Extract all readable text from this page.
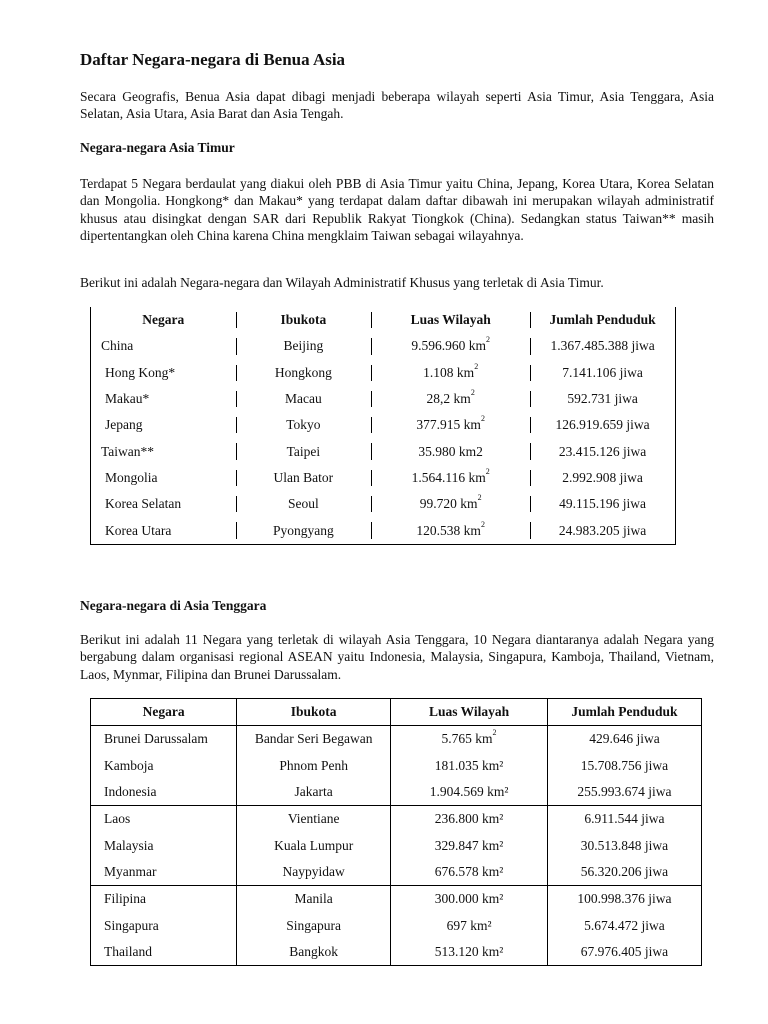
Daftar Negara-negara di Benua Asia

Secara Geografis, Benua Asia dapat dibagi menjadi beberapa wilayah seperti Asia Timur, Asia Tenggara, Asia Selatan, Asia Utara, Asia Barat dan Asia Tengah.

Negara-negara Asia Timur

Terdapat 5 Negara berdaulat yang diakui oleh PBB di Asia Timur yaitu China, Jepang, Korea Utara, Korea Selatan dan Mongolia. Hongkong* dan Makau* yang terdapat dalam daftar dibawah ini merupakan wilayah administratif khusus atau disingkat dengan SAR dari Republik Rakyat Tiongkok (China). Sedangkan status Taiwan** masih dipertentangkan oleh China karena China mengklaim Taiwan sebagai wilayahnya.

Berikut ini adalah Negara-negara dan Wilayah Administratif Khusus yang terletak di Asia Timur.

Negara	Ibukota	Luas Wilayah	Jumlah Penduduk
China	Beijing	9.596.960 $km^2$	1.367.485.388 jiwa
Hong Kong*	Hongkong	1.108 $km^2$	7.141.106 jiwa
Makau*	Macau	28,2 $km^2$	592.731 jiwa
Jepang	Tokyo	377.915 $km^2$	126.919.659 jiwa
Taiwan**	Taipei	35.980 km2	23.415.126 jiwa
Mongolia	Ulan Bator	1.564.116 $km^2$	2.992.908 jiwa
Korea Selatan	Seoul	99.720 $km^2$	49.115.196 jiwa
Korea Utara	Pyongyang	120.538 $km^2$	24.983.205 jiwa

Negara-negara di Asia Tenggara

Berikut ini adalah 11 Negara yang terletak di wilayah Asia Tenggara, 10 Negara diantaranya adalah Negara yang bergabung dalam organisasi regional ASEAN yaitu Indonesia, Malaysia, Singapura, Kamboja, Thailand, Vietnam, Laos, Mynmar, Filipina dan Brunei Darussalam.

Negara	Ibukota	Luas Wilayah	Jumlah Penduduk
Brunei Darussalam	Bandar Seri Begawan	5.765 $km^2$	429.646 jiwa
Kamboja	Phnom Penh	181.035 km²	15.708.756 jiwa
Indonesia	Jakarta	1.904.569 km²	255.993.674 jiwa
Laos	Vientiane	236.800 km²	6.911.544 jiwa
Malaysia	Kuala Lumpur	329.847 km²	30.513.848 jiwa
Myanmar	Naypyidaw	676.578 km²	56.320.206 jiwa
Filipina	Manila	300.000 km²	100.998.376 jiwa
Singapura	Singapura	697 km²	5.674.472 jiwa
Thailand	Bangkok	513.120 km²	67.976.405 jiwa
